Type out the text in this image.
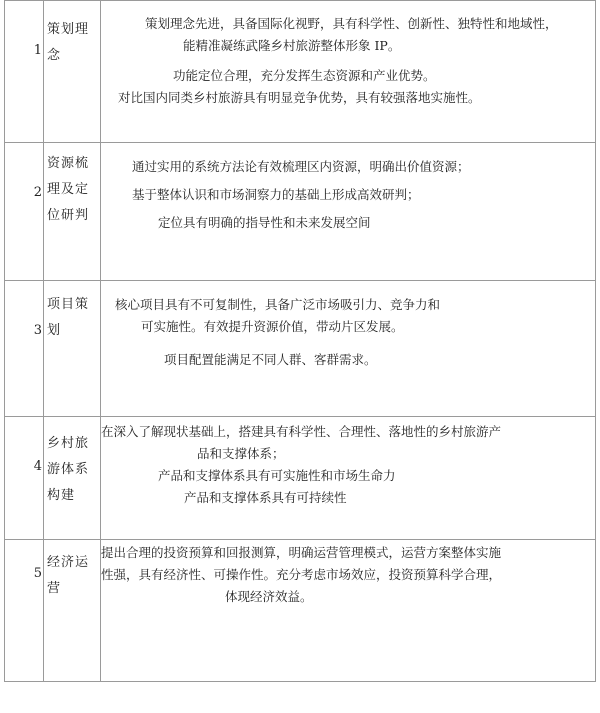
1	策划理念	策划理念先进，具备国际化视野，具有科学性、创新性、独特性和地域性，
能精准凝练武隆乡村旅游整体形象 IP。
功能定位合理，充分发挥生态资源和产业优势。
对比国内同类乡村旅游具有明显竞争优势，具有较强落地实施性。

2	资源梳理及定位研判	通过实用的系统方法论有效梳理区内资源，明确出价值资源；
基于整体认识和市场洞察力的基础上形成高效研判；
定位具有明确的指导性和未来发展空间

3	项目策划	核心项目具有不可复制性，具备广泛市场吸引力、竞争力和
可实施性。有效提升资源价值，带动片区发展。
项目配置能满足不同人群、客群需求。

4	乡村旅游体系构建	在深入了解现状基础上，搭建具有科学性、合理性、落地性的乡村旅游产
品和支撑体系；
产品和支撑体系具有可实施性和市场生命力
产品和支撑体系具有可持续性

5	经济运营	提出合理的投资预算和回报测算，明确运营管理模式，运营方案整体实施
性强，具有经济性、可操作性。充分考虑市场效应，投资预算科学合理，
体现经济效益。
